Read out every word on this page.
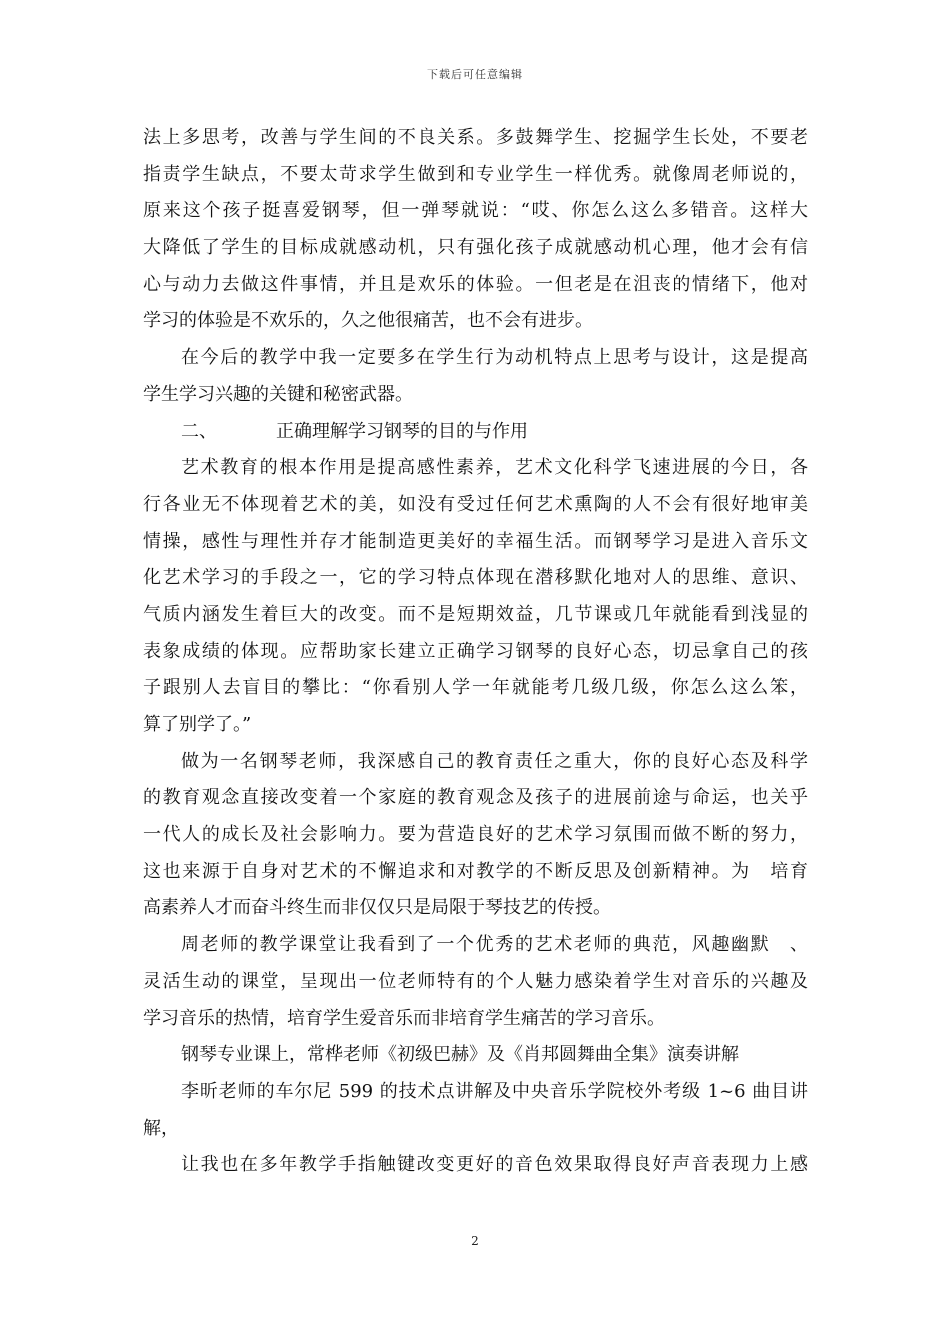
下载后可任意编辑
法上多思考，改善与学生间的不良关系。多鼓舞学生、挖掘学生长处，不要老
指责学生缺点，不要太苛求学生做到和专业学生一样优秀。就像周老师说的，
原来这个孩子挺喜爱钢琴，但一弹琴就说：“哎、你怎么这么多错音。这样大
大降低了学生的目标成就感动机，只有强化孩子成就感动机心理，他才会有信
心与动力去做这件事情，并且是欢乐的体验。一但老是在沮丧的情绪下，他对
学习的体验是不欢乐的，久之他很痛苦，也不会有进步。
在今后的教学中我一定要多在学生行为动机特点上思考与设计，这是提高
学生学习兴趣的关键和秘密武器。
二、	正确理解学习钢琴的目的与作用
艺术教育的根本作用是提高感性素养，艺术文化科学飞速进展的今日，各
行各业无不体现着艺术的美，如没有受过任何艺术熏陶的人不会有很好地审美
情操，感性与理性并存才能制造更美好的幸福生活。而钢琴学习是进入音乐文
化艺术学习的手段之一，它的学习特点体现在潜移默化地对人的思维、意识、
气质内涵发生着巨大的改变。而不是短期效益，几节课或几年就能看到浅显的
表象成绩的体现。应帮助家长建立正确学习钢琴的良好心态，切忌拿自己的孩
子跟别人去盲目的攀比：“你看别人学一年就能考几级几级，你怎么这么笨，
算了别学了。”
做为一名钢琴老师，我深感自己的教育责任之重大，你的良好心态及科学
的教育观念直接改变着一个家庭的教育观念及孩子的进展前途与命运，也关乎
一代人的成长及社会影响力。要为营造良好的艺术学习氛围而做不断的努力，
这也来源于自身对艺术的不懈追求和对教学的不断反思及创新精神。为　培育
高素养人才而奋斗终生而非仅仅只是局限于琴技艺的传授。
周老师的教学课堂让我看到了一个优秀的艺术老师的典范，风趣幽默　、
灵活生动的课堂，呈现出一位老师特有的个人魅力感染着学生对音乐的兴趣及
学习音乐的热情，培育学生爱音乐而非培育学生痛苦的学习音乐。
钢琴专业课上，常桦老师《初级巴赫》及《肖邦圆舞曲全集》演奏讲解
李昕老师的车尔尼 599 的技术点讲解及中央音乐学院校外考级 1~6 曲目讲
解，
让我也在多年教学手指触键改变更好的音色效果取得良好声音表现力上感
2
